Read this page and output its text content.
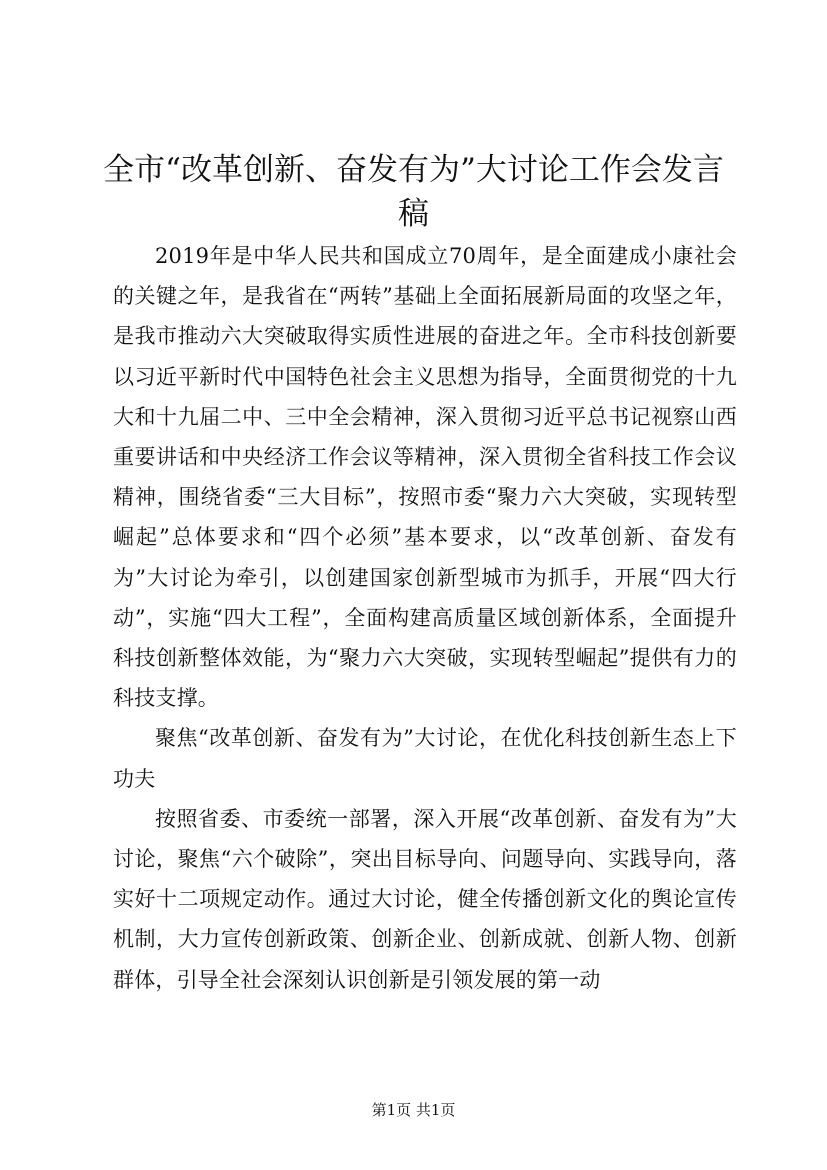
全市“改革创新、奋发有为”大讨论工作会发言稿

2019年是中华人民共和国成立70周年，是全面建成小康社会的关键之年，是我省在“两转”基础上全面拓展新局面的攻坚之年，是我市推动六大突破取得实质性进展的奋进之年。全市科技创新要以习近平新时代中国特色社会主义思想为指导，全面贯彻党的十九大和十九届二中、三中全会精神，深入贯彻习近平总书记视察山西重要讲话和中央经济工作会议等精神，深入贯彻全省科技工作会议精神，围绕省委“三大目标”，按照市委“聚力六大突破，实现转型崛起”总体要求和“四个必须”基本要求，以“改革创新、奋发有为”大讨论为牵引，以创建国家创新型城市为抓手，开展“四大行动”，实施“四大工程”，全面构建高质量区域创新体系，全面提升科技创新整体效能，为“聚力六大突破，实现转型崛起”提供有力的科技支撑。

聚焦“改革创新、奋发有为”大讨论，在优化科技创新生态上下功夫

按照省委、市委统一部署，深入开展“改革创新、奋发有为”大讨论，聚焦“六个破除”，突出目标导向、问题导向、实践导向，落实好十二项规定动作。通过大讨论，健全传播创新文化的舆论宣传机制，大力宣传创新政策、创新企业、创新成就、创新人物、创新群体，引导全社会深刻认识创新是引领发展的第一动

第1页 共1页
